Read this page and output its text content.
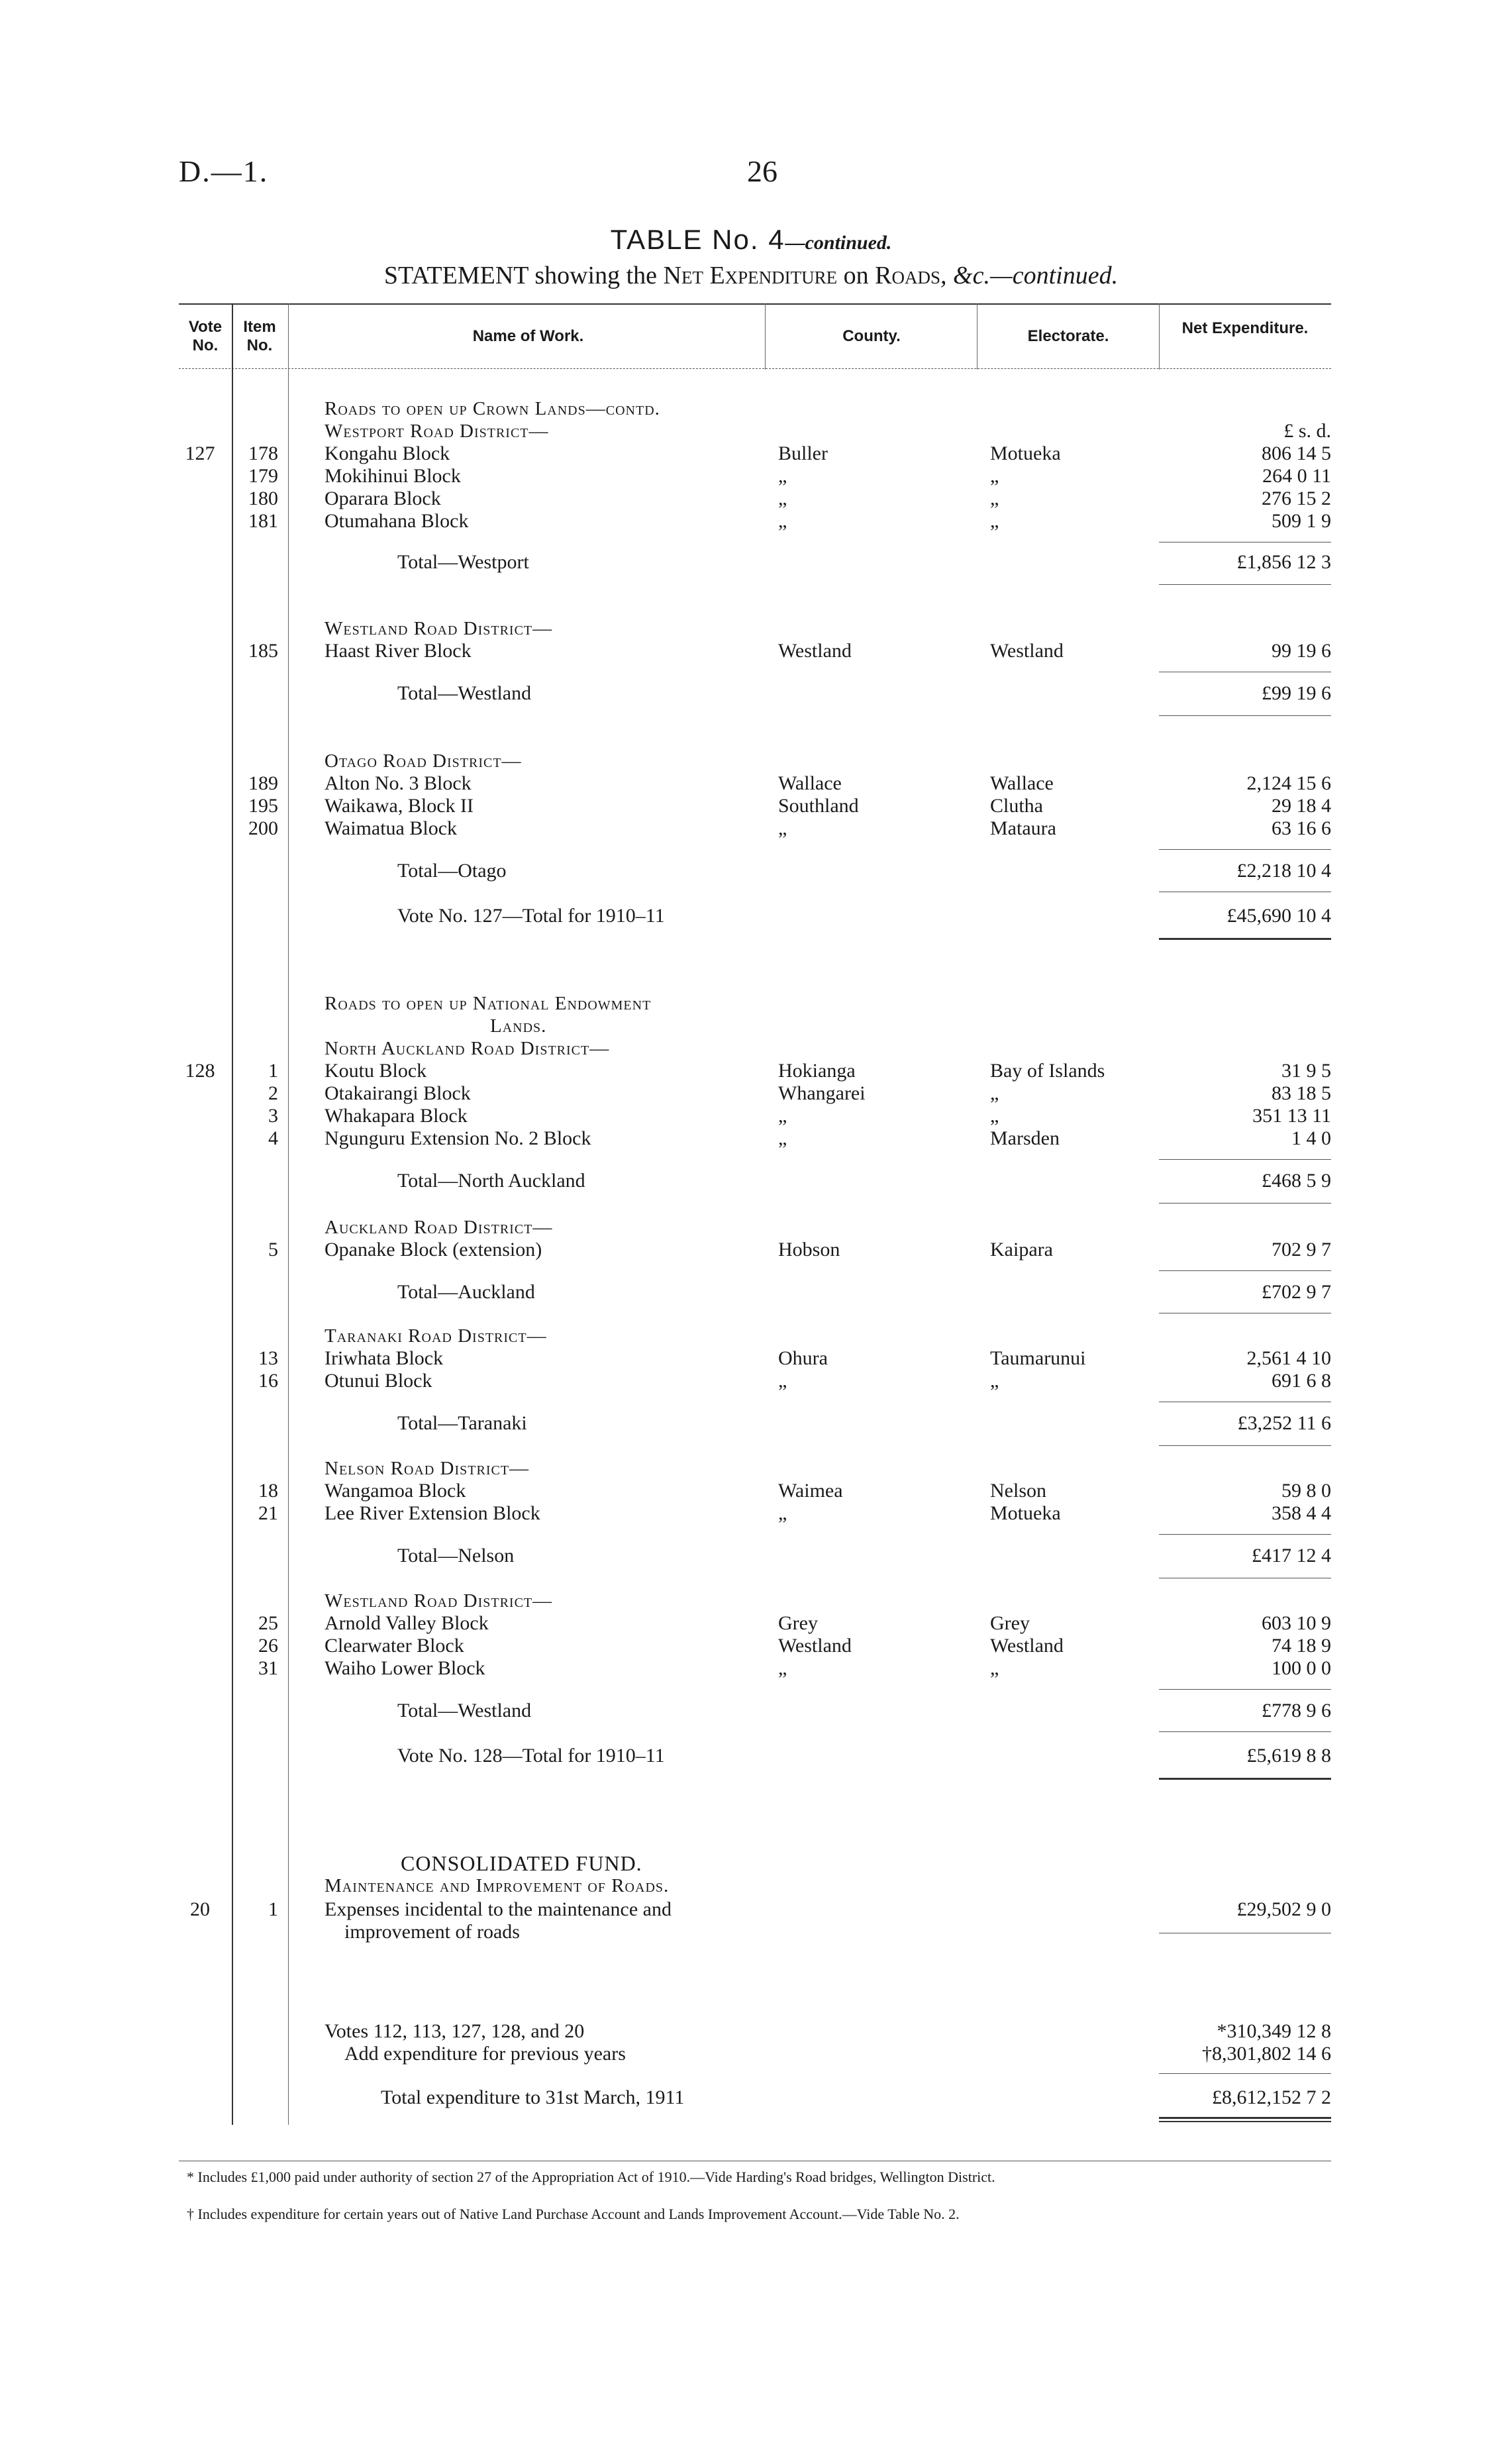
D.—1.	26
TABLE No. 4—continued.
STATEMENT showing the Net Expenditure on Roads, &c.—continued.
Vote No.
Item No.
Name of Work.	County.	Electorate.	Net Expenditure.
Roads to open up Crown Lands—contd.
Westport Road District—	£ s. d.
127	178 Kongahu Block	Buller	Motueka	806 14 5
179 Mokihinui Block	„	„	264 0 11
180 Oparara Block	„	„	276 15 2
181 Otumahana Block	„	„	509 1 9
Total—Westport	£1,856 12 3
Westland Road District—
185 Haast River Block	Westland	Westland	99 19 6
Total—Westland	£99 19 6
Otago Road District—
189 Alton No. 3 Block	Wallace	Wallace	2,124 15 6
195 Waikawa, Block II	Southland	Clutha	29 18 4
200 Waimatua Block	„	Mataura	63 16 6
Total—Otago	£2,218 10 4
Vote No. 127—Total for 1910–11	£45,690 10 4
Roads to open up National Endowment
Lands.
North Auckland Road District—
128	1 Koutu Block	Hokianga	Bay of Islands	31 9 5
2 Otakairangi Block	Whangarei	„	83 18 5
3 Whakapara Block	„	„	351 13 11
4 Ngunguru Extension No. 2 Block	„	Marsden	1 4 0
Total—North Auckland	£468 5 9
Auckland Road District—
5 Opanake Block (extension)	Hobson	Kaipara	702 9 7
Total—Auckland	£702 9 7
Taranaki Road District—
13 Iriwhata Block	Ohura	Taumarunui	2,561 4 10
16 Otunui Block	„	„	691 6 8
Total—Taranaki	£3,252 11 6
Nelson Road District—
18 Wangamoa Block	Waimea	Nelson	59 8 0
21 Lee River Extension Block	„	Motueka	358 4 4
Total—Nelson	£417 12 4
Westland Road District—
25 Arnold Valley Block	Grey	Grey	603 10 9
26 Clearwater Block	Westland	Westland	74 18 9
31 Waiho Lower Block	„	„	100 0 0
Total—Westland	£778 9 6
Vote No. 128—Total for 1910–11	£5,619 8 8
CONSOLIDATED FUND.
Maintenance and Improvement of Roads.
20	1 Expenses incidental to the maintenance and	£29,502 9 0
improvement of roads
Votes 112, 113, 127, 128, and 20	*310,349 12 8
Add expenditure for previous years	†8,301,802 14 6
Total expenditure to 31st March, 1911	£8,612,152 7 2
* Includes £1,000 paid under authority of section 27 of the Appropriation Act of 1910.—Vide Harding's Road bridges, Wellington District.
† Includes expenditure for certain years out of Native Land Purchase Account and Lands Improvement Account.—Vide Table No. 2.
